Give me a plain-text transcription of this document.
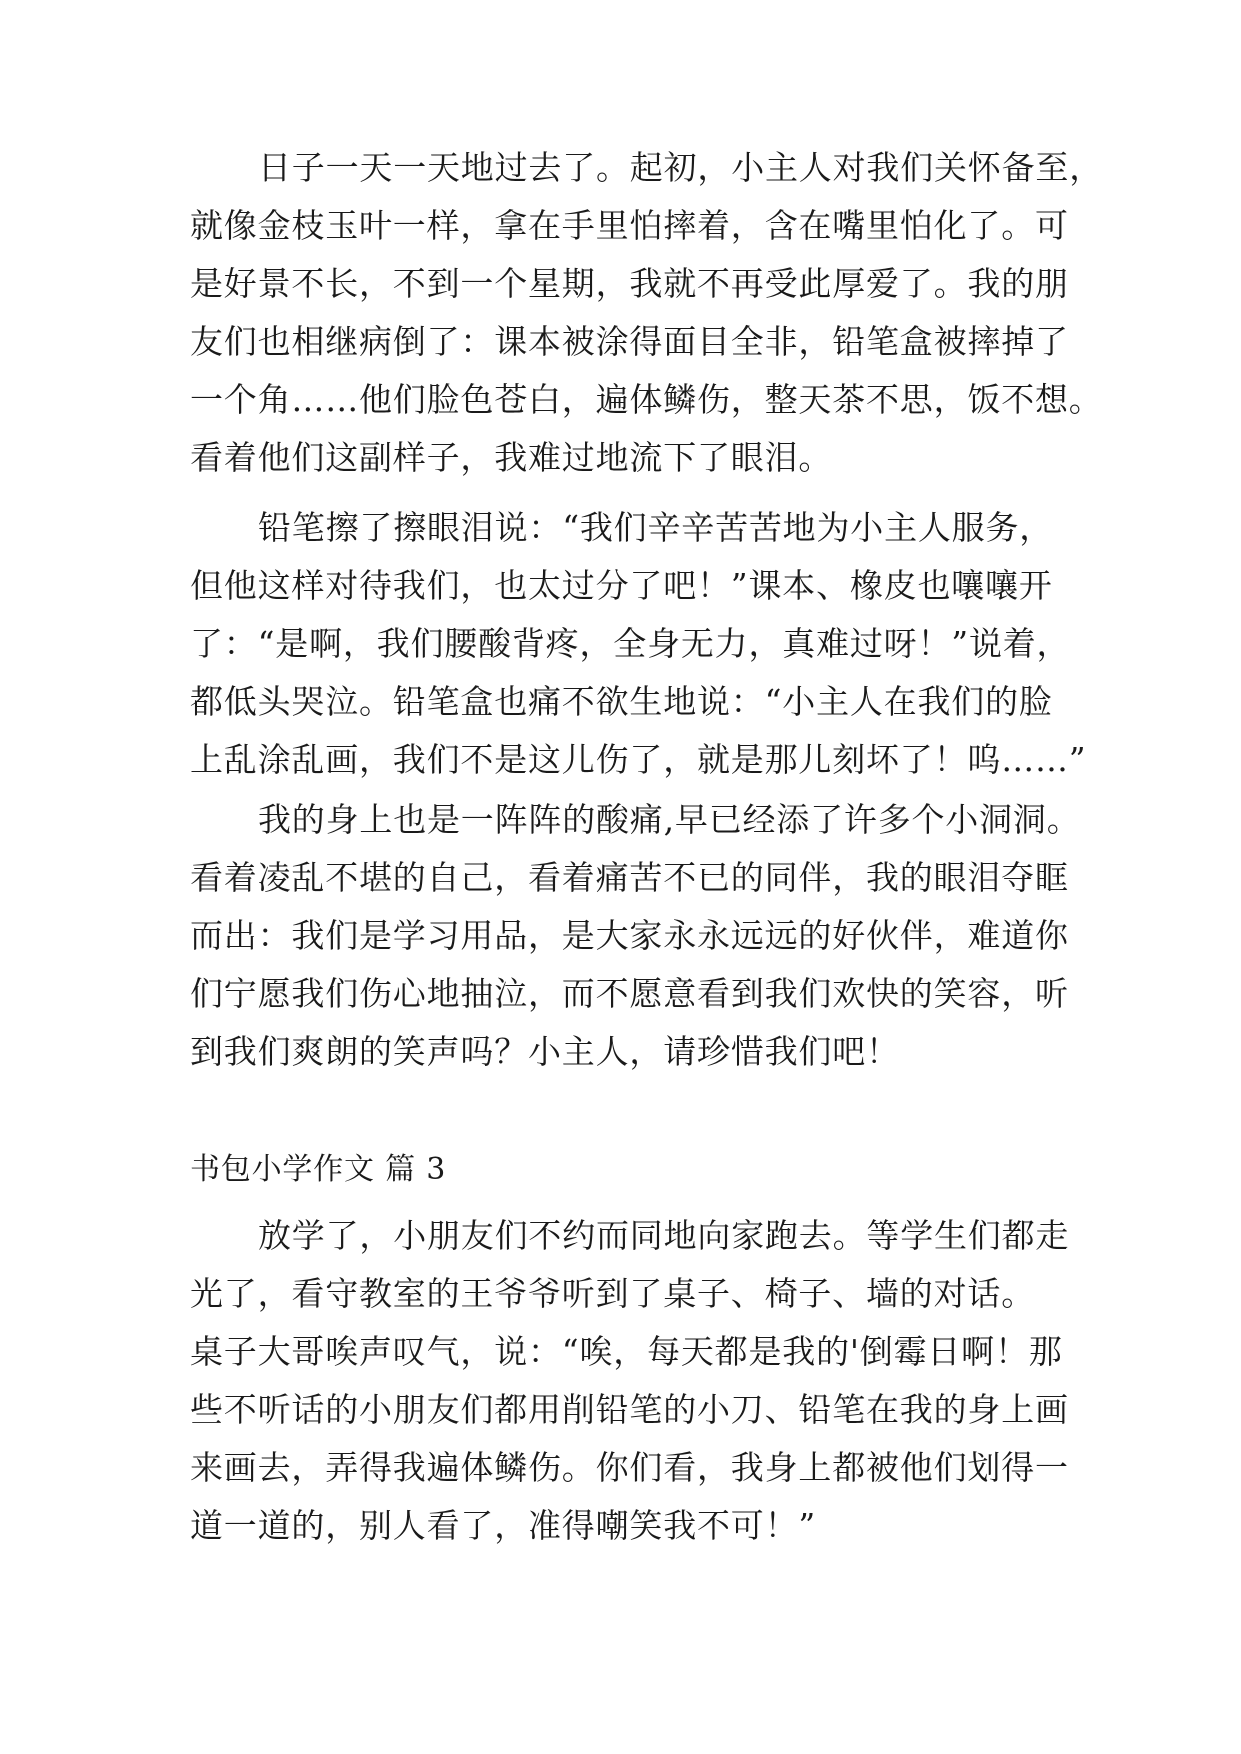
日子一天一天地过去了。起初，小主人对我们关怀备至，
就像金枝玉叶一样，拿在手里怕摔着，含在嘴里怕化了。可
是好景不长，不到一个星期，我就不再受此厚爱了。我的朋
友们也相继病倒了：课本被涂得面目全非，铅笔盒被摔掉了
一个角……他们脸色苍白，遍体鳞伤，整天茶不思，饭不想。
看着他们这副样子，我难过地流下了眼泪。
铅笔擦了擦眼泪说：“我们辛辛苦苦地为小主人服务，
但他这样对待我们，也太过分了吧！”课本、橡皮也嚷嚷开
了：“是啊，我们腰酸背疼，全身无力，真难过呀！”说着，
都低头哭泣。铅笔盒也痛不欲生地说：“小主人在我们的脸
上乱涂乱画，我们不是这儿伤了，就是那儿刻坏了！呜……”
我的身上也是一阵阵的酸痛,早已经添了许多个小洞洞。
看着凌乱不堪的自己，看着痛苦不已的同伴，我的眼泪夺眶
而出：我们是学习用品，是大家永永远远的好伙伴，难道你
们宁愿我们伤心地抽泣，而不愿意看到我们欢快的笑容，听
到我们爽朗的笑声吗？小主人，请珍惜我们吧！
书包小学作文 篇 3
放学了，小朋友们不约而同地向家跑去。等学生们都走
光了，看守教室的王爷爷听到了桌子、椅子、墙的对话。
桌子大哥唉声叹气，说：“唉，每天都是我的'倒霉日啊！那
些不听话的小朋友们都用削铅笔的小刀、铅笔在我的身上画
来画去，弄得我遍体鳞伤。你们看，我身上都被他们划得一
道一道的，别人看了，准得嘲笑我不可！”
